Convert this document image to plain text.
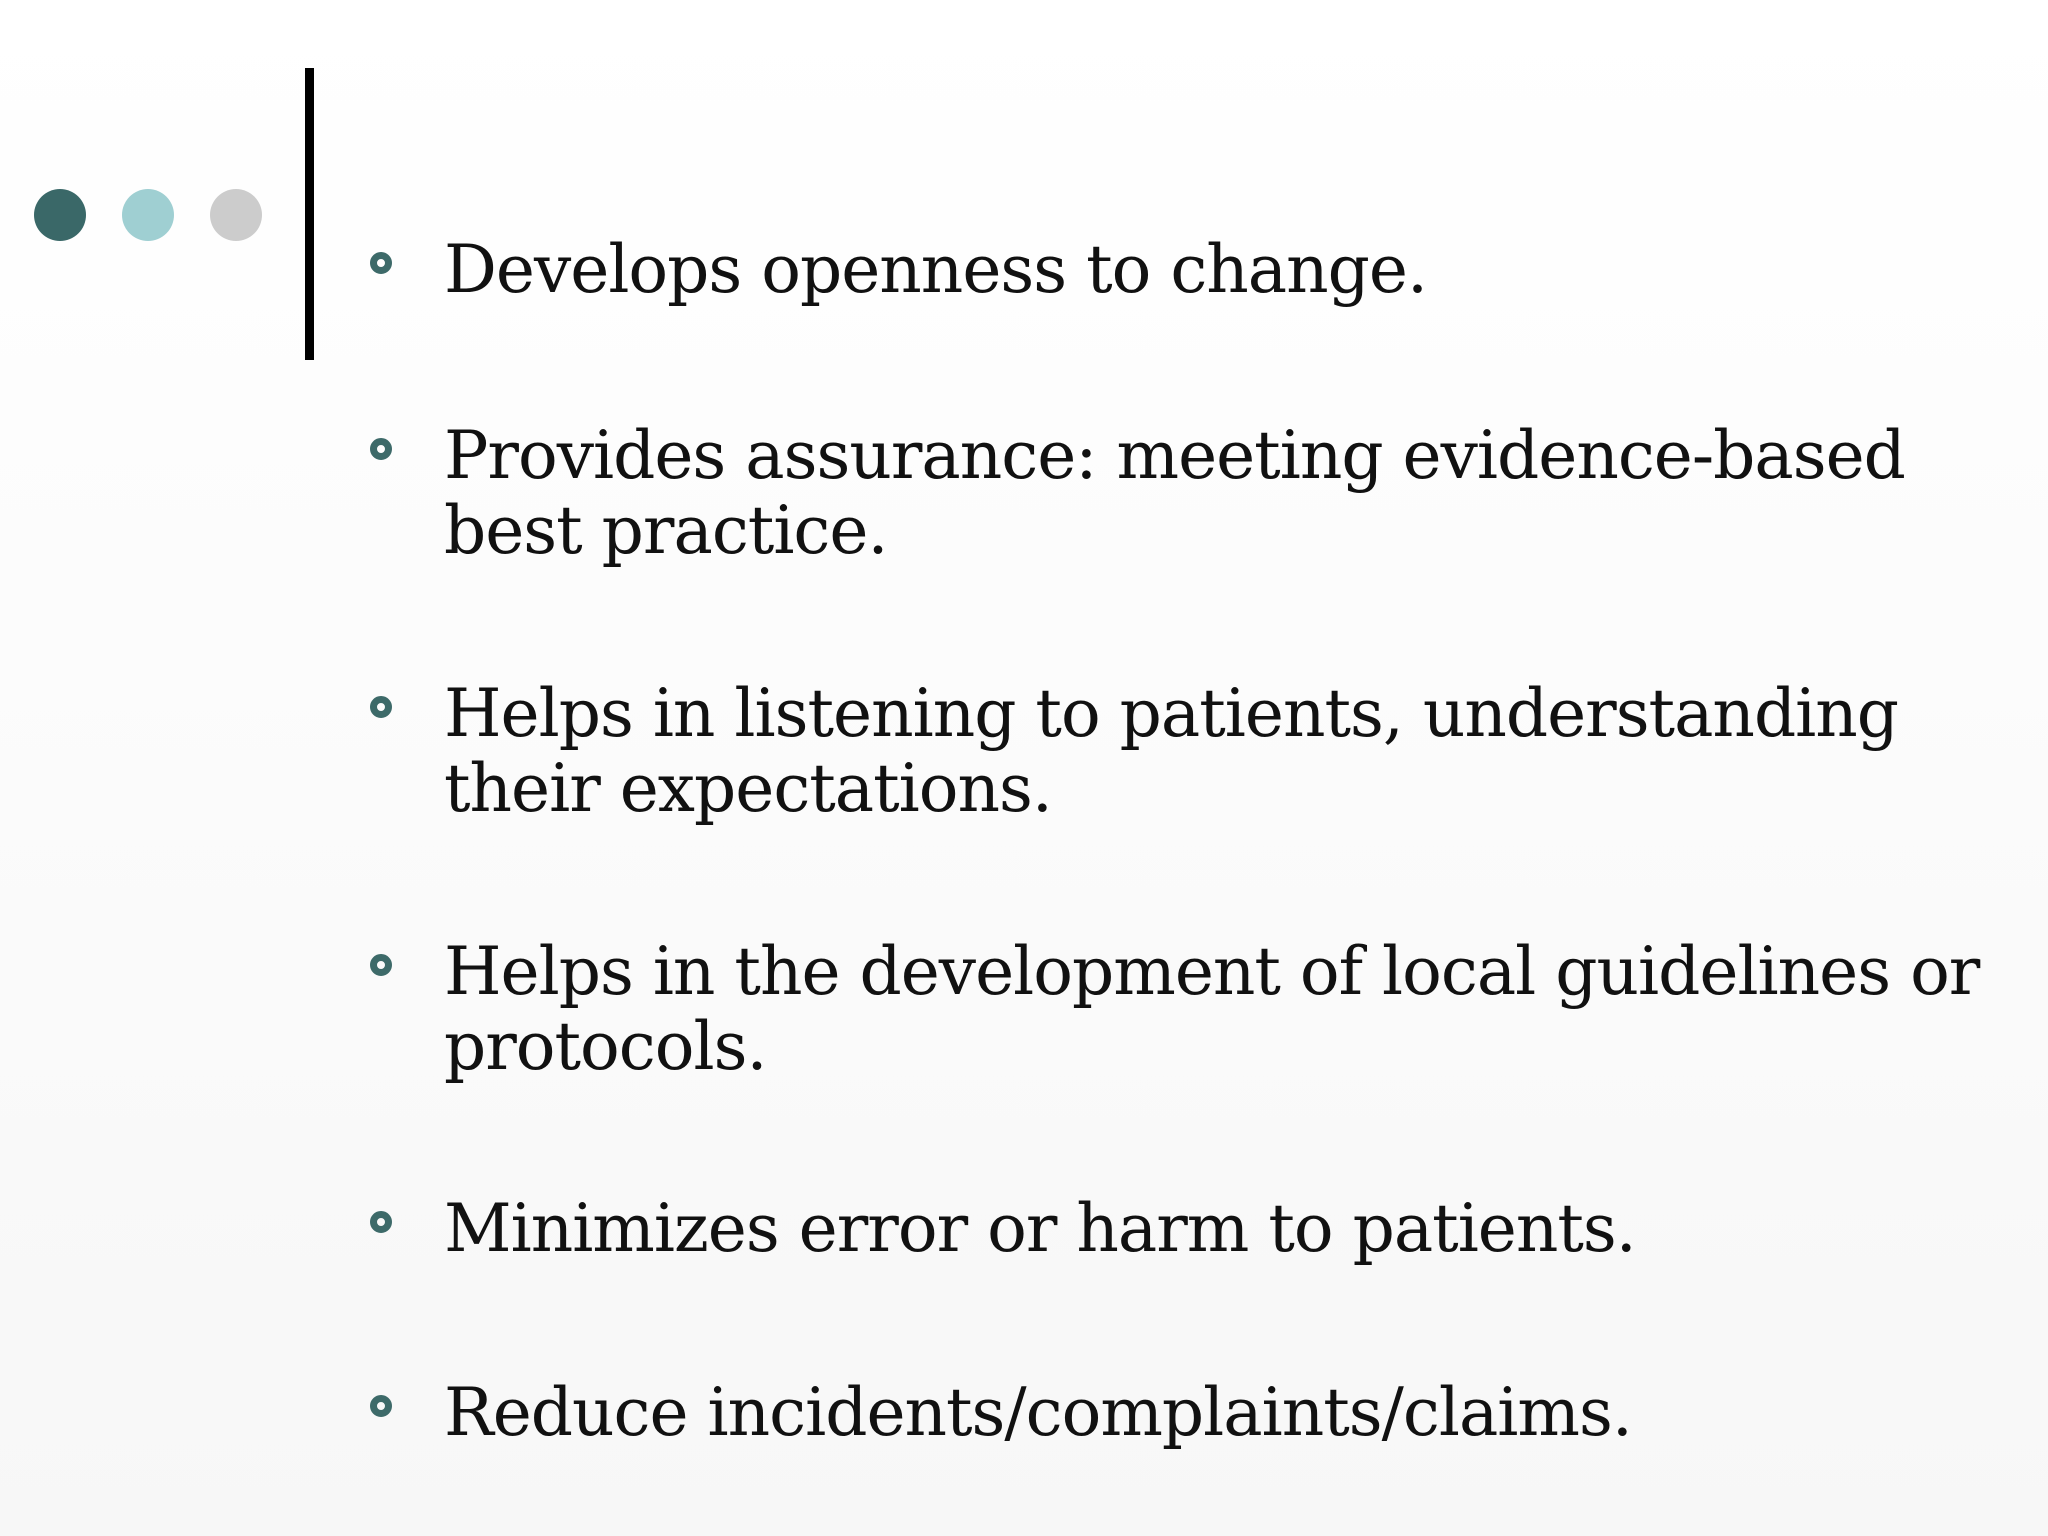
Develops openness to change.

Provides assurance: meeting evidence-based best practice.

Helps in listening to patients, understanding their expectations.

Helps in the development of local guidelines or protocols.

Minimizes error or harm to patients.

Reduce incidents/complaints/claims.
